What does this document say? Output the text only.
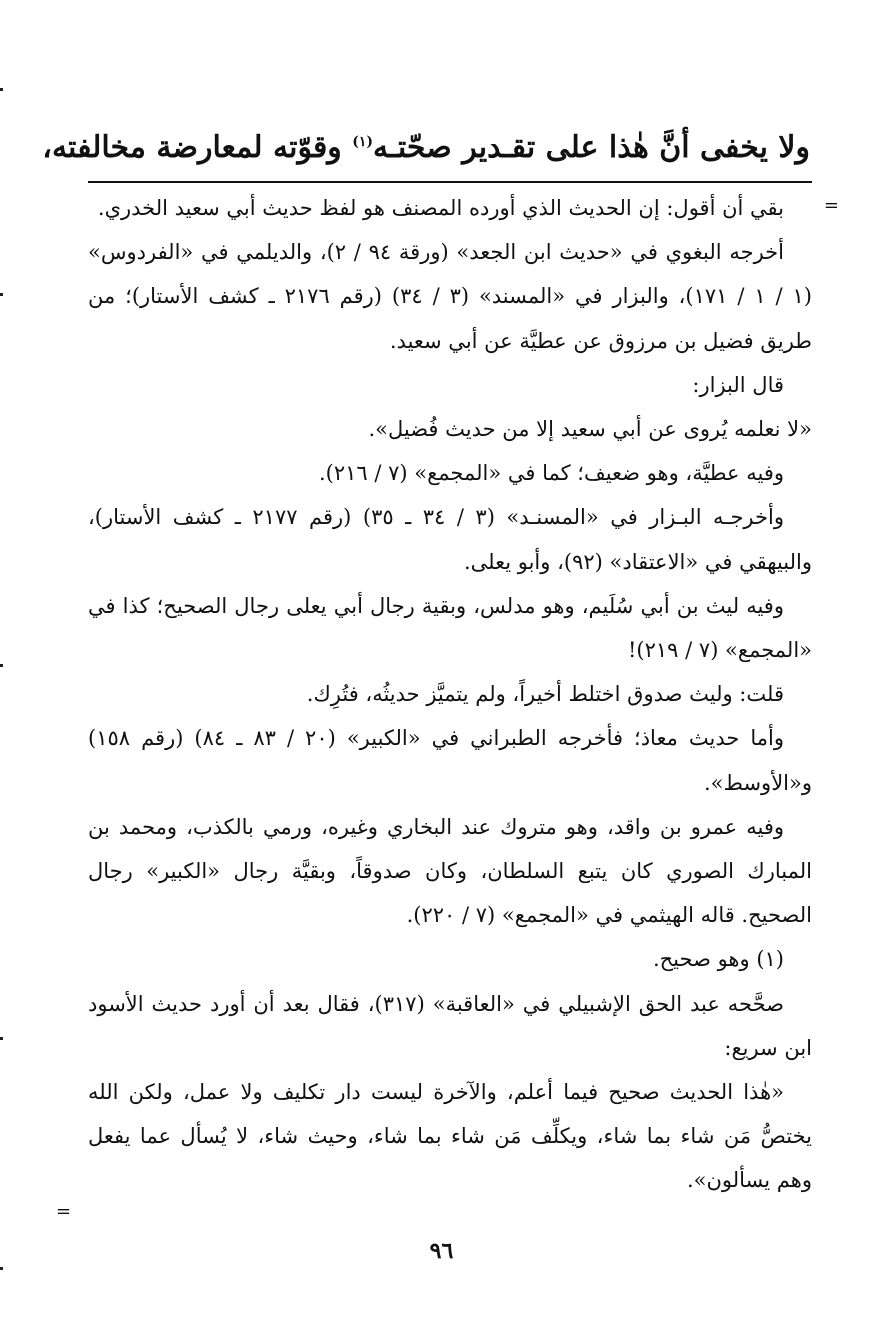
=
ولا يخفى أنَّ هٰذا على تقـدير صحّتـه$^{(١)}$ وقوّته لمعارضة مخالفته،

بقي أن أقول: إن الحديث الذي أورده المصنف هو لفظ حديث أبي سعيد الخدري.

أخرجه البغوي في «حديث ابن الجعد» (ورقة ٩٤ / ٢)، والديلمي في «الفردوس» (١ / ١ / ١٧١)، والبزار في «المسند» (٣ / ٣٤) (رقم ٢١٧٦ ـ كشف الأستار)؛ من طريق فضيل بن مرزوق عن عطيَّة عن أبي سعيد.

قال البزار:

«لا نعلمه يُروى عن أبي سعيد إلا من حديث فُضيل».

وفيه عطيَّة، وهو ضعيف؛ كما في «المجمع» (٧ / ٢١٦).

وأخرجـه البـزار في «المسنـد» (٣ / ٣٤ ـ ٣٥) (رقم ٢١٧٧ ـ كشف الأستار)، والبيهقي في «الاعتقاد» (٩٢)، وأبو يعلى.

وفيه ليث بن أبي سُلَيم، وهو مدلس، وبقية رجال أبي يعلى رجال الصحيح؛ كذا في «المجمع» (٧ / ٢١٩)!

قلت: وليث صدوق اختلط أخيراً، ولم يتميَّز حديثُه، فتُرِك.

وأما حديث معاذ؛ فأخرجه الطبراني في «الكبير» (٢٠ / ٨٣ ـ ٨٤) (رقم ١٥٨) و«الأوسط».

وفيه عمرو بن واقد، وهو متروك عند البخاري وغيره، ورمي بالكذب، ومحمد بن المبارك الصوري كان يتبع السلطان، وكان صدوقاً، وبقيَّة رجال «الكبير» رجال الصحيح. قاله الهيثمي في «المجمع» (٧ / ٢٢٠).

(١) وهو صحيح.

صحَّحه عبد الحق الإشبيلي في «العاقبة» (٣١٧)، فقال بعد أن أورد حديث الأسود ابن سريع:

«هٰذا الحديث صحيح فيما أعلم، والآخرة ليست دار تكليف ولا عمل، ولكن الله يختصُّ مَن شاء بما شاء، ويكلِّف مَن شاء بما شاء، وحيث شاء، لا يُسأل عما يفعل وهم يسألون».

=
٩٦
